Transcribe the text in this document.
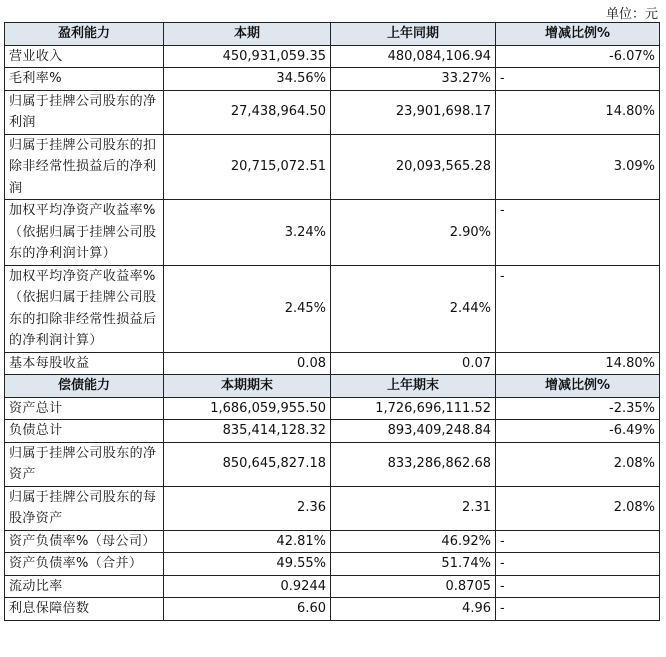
单位：元
盈利能力	本期	上年同期	增减比例%
营业收入	450,931,059.35	480,084,106.94	-6.07%
毛利率%	34.56%	33.27%	-
归属于挂牌公司股东的净利润	27,438,964.50	23,901,698.17	14.80%
归属于挂牌公司股东的扣除非经常性损益后的净利润	20,715,072.51	20,093,565.28	3.09%
加权平均净资产收益率%（依据归属于挂牌公司股东的净利润计算）	3.24%	2.90%	-
加权平均净资产收益率%（依据归属于挂牌公司股东的扣除非经常性损益后的净利润计算）	2.45%	2.44%	-
基本每股收益	0.08	0.07	14.80%
偿债能力	本期期末	上年期末	增减比例%
资产总计	1,686,059,955.50	1,726,696,111.52	-2.35%
负债总计	835,414,128.32	893,409,248.84	-6.49%
归属于挂牌公司股东的净资产	850,645,827.18	833,286,862.68	2.08%
归属于挂牌公司股东的每股净资产	2.36	2.31	2.08%
资产负债率%（母公司）	42.81%	46.92%	-
资产负债率%（合并）	49.55%	51.74%	-
流动比率	0.9244	0.8705	-
利息保障倍数	6.60	4.96	-
